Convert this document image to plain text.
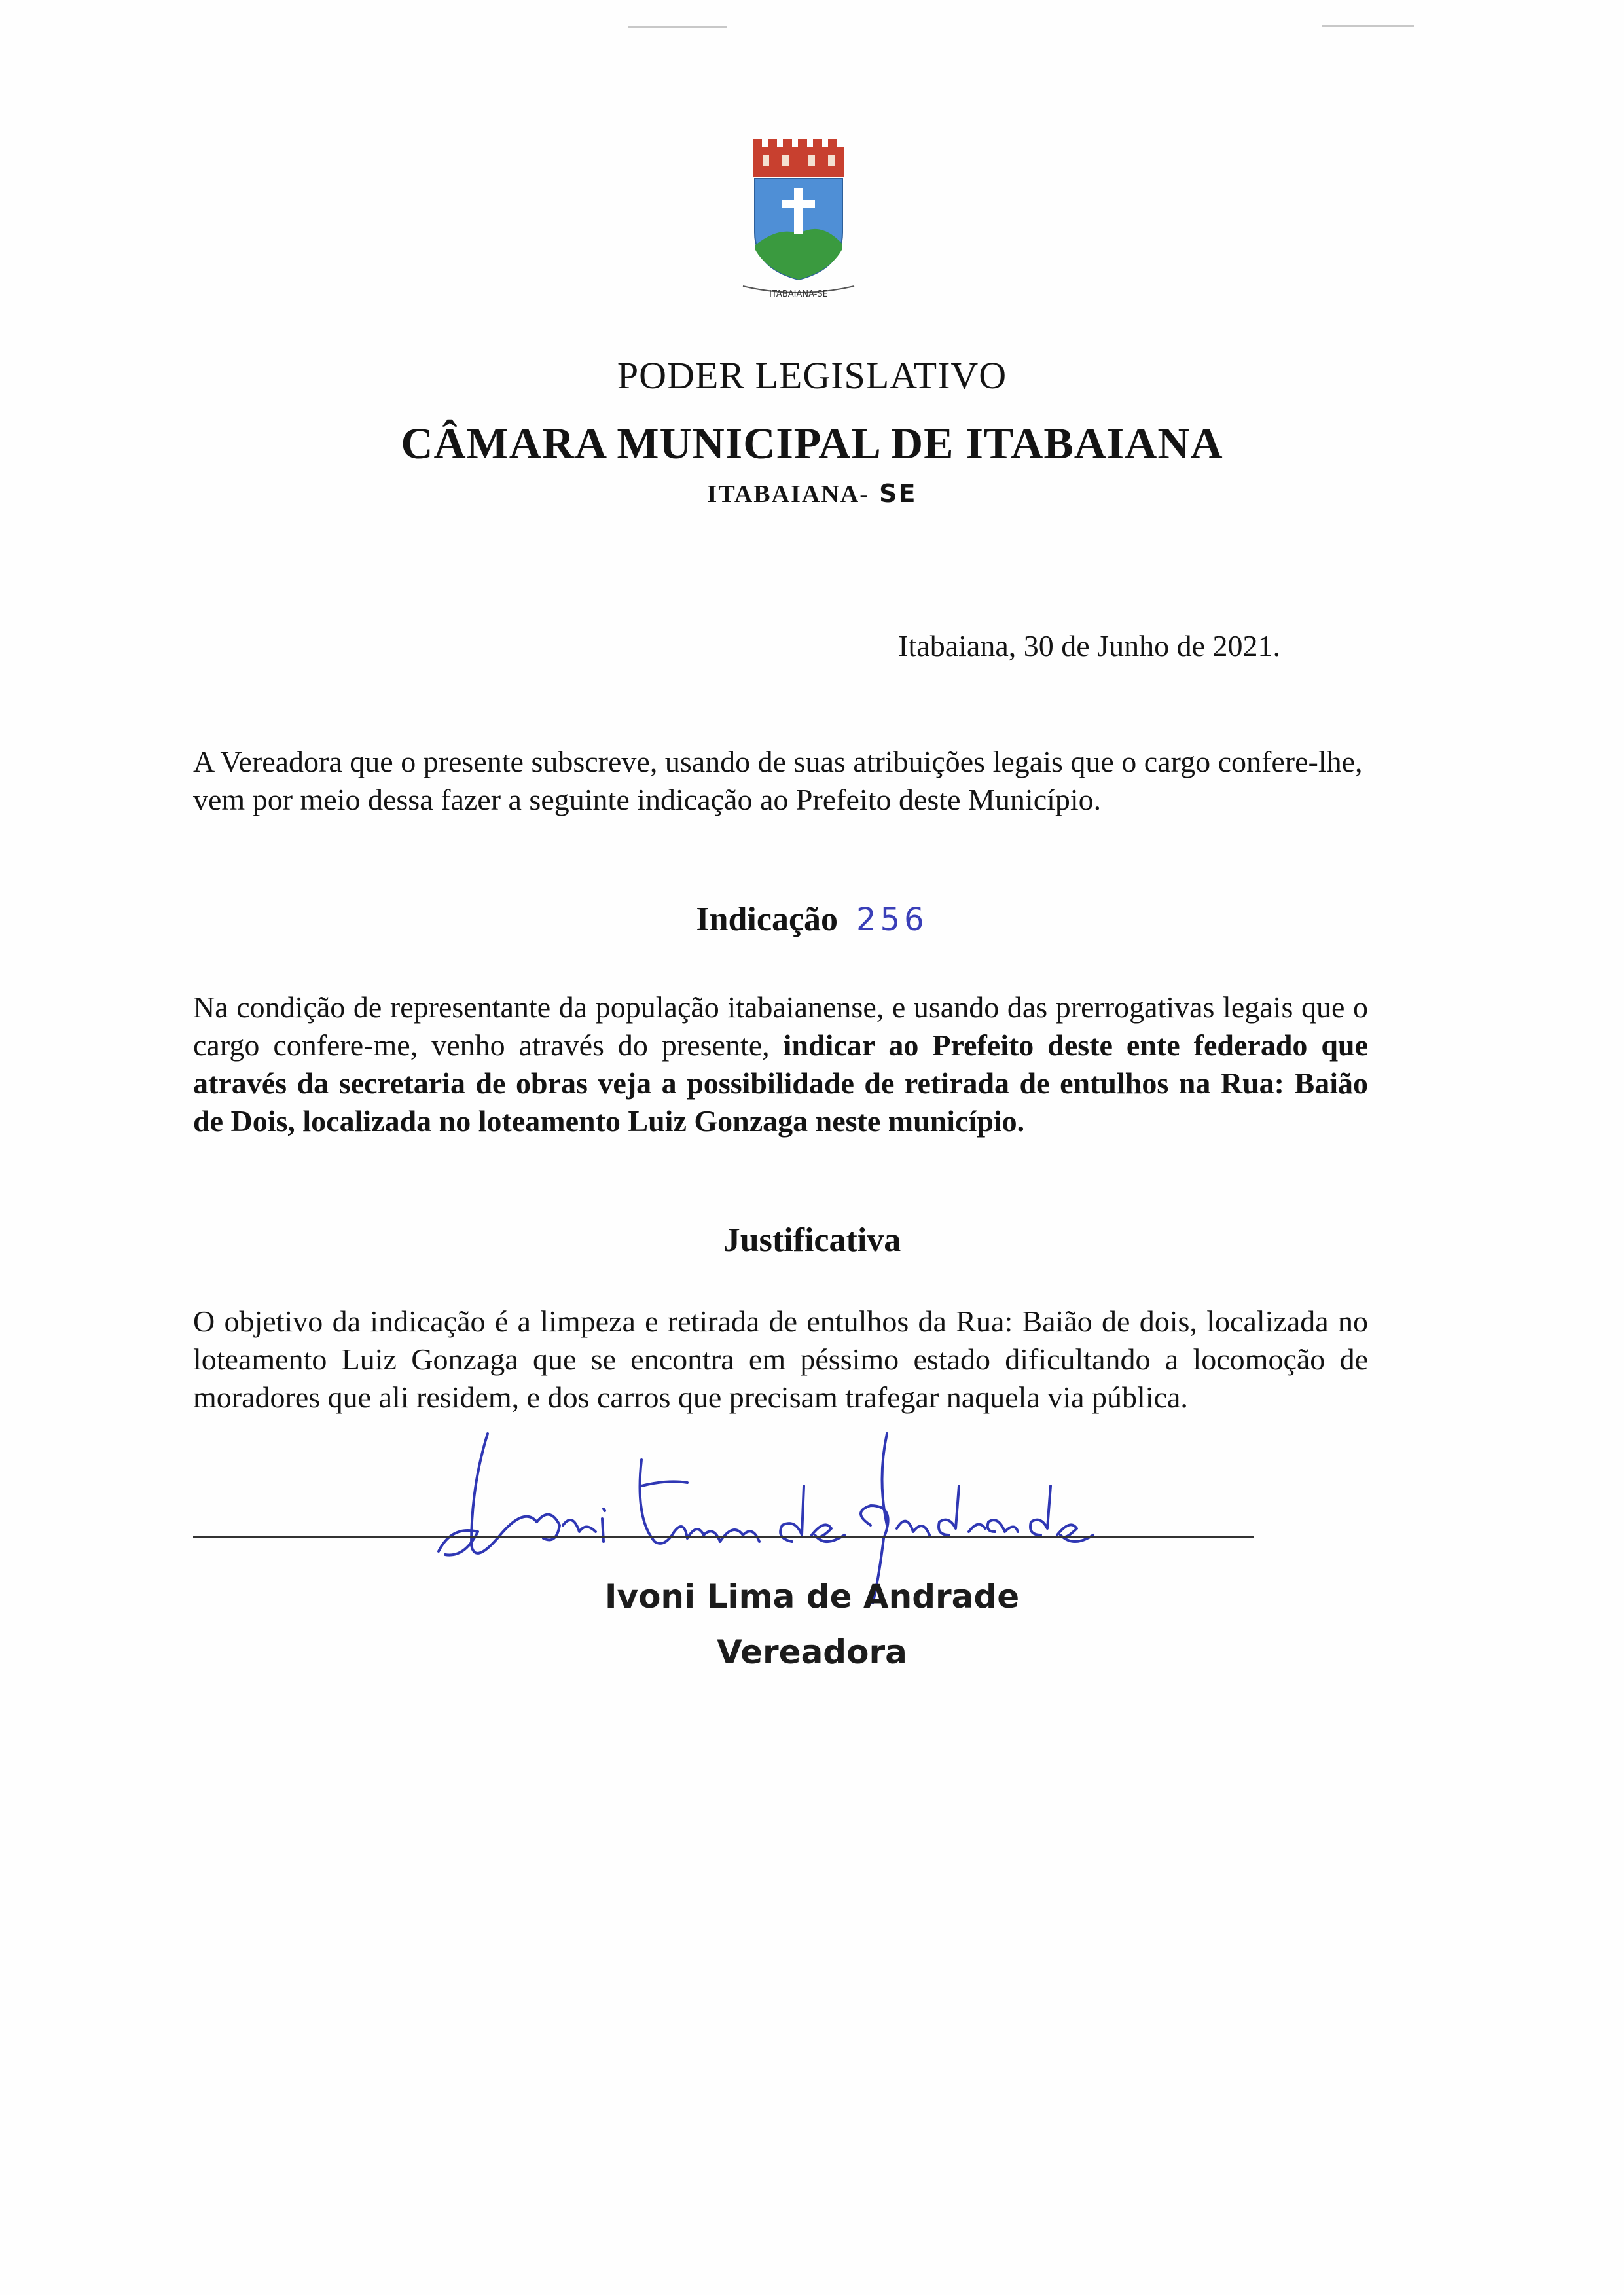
ITABAIANA-SE
PODER LEGISLATIVO
CÂMARA MUNICIPAL DE ITABAIANA
ITABAIANA- SE
Itabaiana, 30 de Junho de 2021.
A Vereadora que o presente subscreve, usando de suas atribuições legais que o cargo confere-lhe, vem por meio dessa fazer a seguinte indicação ao Prefeito deste Município.
Indicação 256
Na condição de representante da população itabaianense, e usando das prerrogativas legais que o cargo confere-me, venho através do presente, indicar ao Prefeito deste ente federado que através da secretaria de obras veja a possibilidade de retirada de entulhos na Rua: Baião de Dois, localizada no loteamento Luiz Gonzaga neste município.
Justificativa
O objetivo da indicação é a limpeza e retirada de entulhos da Rua: Baião de dois, localizada no loteamento Luiz Gonzaga que se encontra em péssimo estado dificultando a locomoção de moradores que ali residem, e dos carros que precisam trafegar naquela via pública.
Ivoni Lima de Andrade
Vereadora
